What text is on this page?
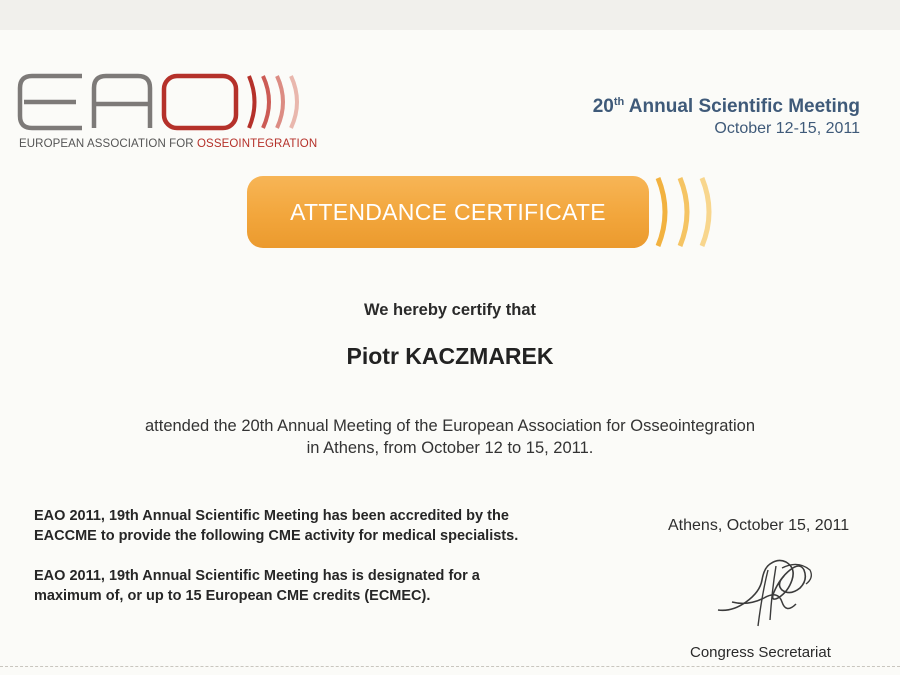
EUROPEAN ASSOCIATION FOR OSSEOINTEGRATION
20th Annual Scientific Meeting
October 12-15, 2011
ATTENDANCE CERTIFICATE
We hereby certify that
Piotr KACZMAREK
attended the 20th Annual Meeting of the European Association for Osseointegration
in Athens, from October 12 to 15, 2011.
EAO 2011, 19th Annual Scientific Meeting has been accredited by the
EACCME to provide the following CME activity for medical specialists.
EAO 2011, 19th Annual Scientific Meeting has is designated for a
maximum of, or up to 15 European CME credits (ECMEC).
Athens, October 15, 2011
Congress Secretariat
